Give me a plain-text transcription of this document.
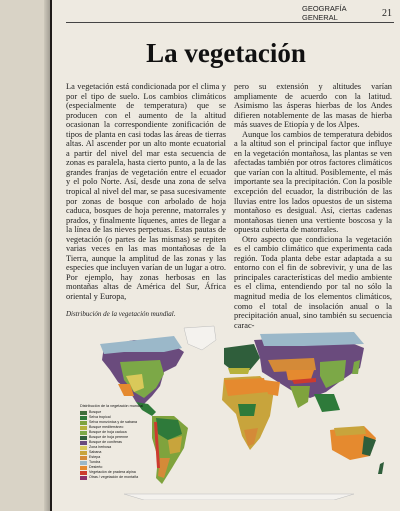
GEOGRAFÍA GENERAL	21
La vegetación

La vegetación está condicionada por el clima y por el tipo de suelo. Los cambios climáticos (especialmente de temperatura) que se producen con el aumento de la altitud ocasionan la correspondiente zonificación de tipos de planta en casi todas las áreas de tierras altas. Al ascender por un alto monte ecuatorial a partir del nivel del mar esta secuencia de zonas es paralela, hasta cierto punto, a la de las grandes franjas de vegetación entre el ecuador y el polo Norte. Así, desde una zona de selva tropical al nivel del mar, se pasa sucesivamente por zonas de bosque con arbolado de hoja caduca, bosques de hoja perenne, matorrales y prados, y finalmente líquenes, antes de llegar a la línea de las nieves perpetuas. Estas pautas de vegetación (o partes de las mismas) se repiten varias veces en las mas montañosas de la Tierra, aunque la amplitud de las zonas y las especies que incluyen varían de un lugar a otro. Por ejemplo, hay zonas herbosas en las montañas altas de América del Sur, África oriental y Europa,

pero su extensión y altitudes varían ampliamente de acuerdo con la latitud. Asimismo las ásperas hierbas de los Andes difieren notablemente de las masas de hierba más suaves de Etiopía y de los Alpes.

Aunque los cambios de temperatura debidos a la altitud son el principal factor que influye en la vegetación montañosa, las plantas se ven afectadas también por otros factores climáticos que varían con la altitud. Posiblemente, el más importante sea la precipitación. Con la posible excepción del ecuador, la distribución de las lluvias entre los lados opuestos de un sistema montañoso es desigual. Así, ciertas cadenas montañosas tienen una vertiente boscosa y la opuesta cubierta de matorrales.

Otro aspecto que condiciona la vegetación es el cambio climático que experimenta cada región. Toda planta debe estar adaptada a su entorno con el fin de sobrevivir, y una de las principales características del medio ambiente es el clima, entendiendo por tal no sólo la magnitud media de los elementos climáticos, como el total de insolación anual o la precipitación anual, sino también su secuencia carac-

Distribución de la vegetación mundial.
Distribución de la vegetación mundial
Bosque
Selva tropical
Selva monzónica y de sabana
Bosque mediterráneo
Bosque de hoja caduca
Bosque de hoja perenne
Bosque de coníferas
Zona herbosa
Sabana
Estepa
Tundra
Desierto
Vegetación de pradera alpina
Otras / vegetación de montaña
